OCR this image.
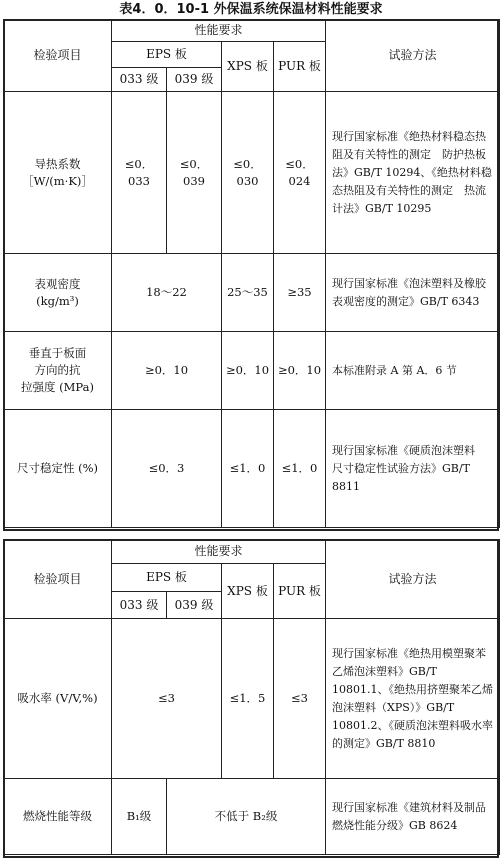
表4．0．10-1 外保温系统保温材料性能要求
检验项目	性能要求				试验方法
	EPS 板		XPS 板	PUR 板	
	033 级	039 级			
导热系数
［W/(m·K)］	≤0．033	≤0．039	≤0．030	≤0．024	现行国家标准《绝热材料稳态热阻及有关特性的测定　防护热板法》GB/T 10294、《绝热材料稳态热阻及有关特性的测定　热流计法》GB/T 10295
表观密度
(kg/m³)	18～22		25～35	≥35	现行国家标准《泡沫塑料及橡胶　表观密度的测定》GB/T 6343
垂直于板面
方向的抗
拉强度 (MPa)	≥0．10		≥0．10	≥0．10	本标准附录 A 第 A．6 节
尺寸稳定性 (%)	≤0．3		≤1．0	≤1．0	现行国家标准《硬质泡沫塑料　尺寸稳定性试验方法》GB/T 8811
检验项目	性能要求				试验方法
	EPS 板		XPS 板	PUR 板	
	033 级	039 级			
吸水率 (V/V,%)	≤3		≤1．5	≤3	现行国家标准《绝热用模塑聚苯乙烯泡沫塑料》GB/T 10801.1、《绝热用挤塑聚苯乙烯泡沫塑料（XPS）》GB/T 10801.2、《硬质泡沫塑料吸水率的测定》GB/T 8810
燃烧性能等级	B₁级	不低于 B₂级			现行国家标准《建筑材料及制品燃烧性能分级》GB 8624
